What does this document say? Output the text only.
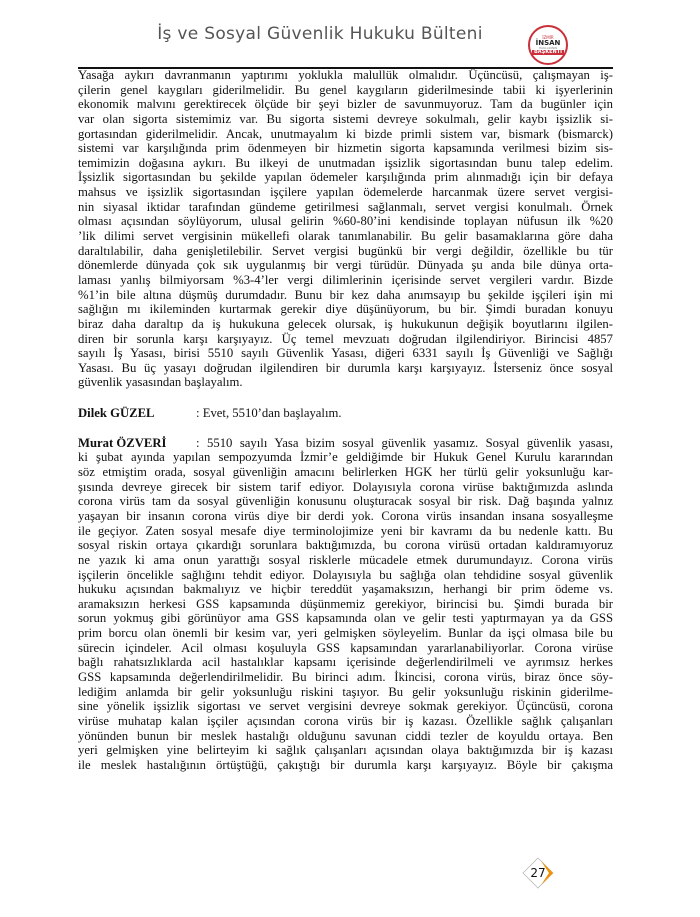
İş ve Sosyal Güvenlik Hukuku Bülteni	İZMİR
İNSAN
HAKLARININ
BAŞKENTİ
Yasağa aykırı davranmanın yaptırımı yoklukla malullük olmalıdır. Üçüncüsü, çalışmayan iş-
çilerin genel kaygıları giderilmelidir. Bu genel kaygıların giderilmesinde tabii ki işyerlerinin
ekonomik malvını gerektirecek ölçüde bir şeyi bizler de savunmuyoruz. Tam da bugünler için
var olan sigorta sistemimiz var. Bu sigorta sistemi devreye sokulmalı, gelir kaybı işsizlik si-
gortasından giderilmelidir. Ancak, unutmayalım ki bizde primli sistem var, bismark (bismarck)
sistemi var karşılığında prim ödenmeyen bir hizmetin sigorta kapsamında verilmesi bizim sis-
temimizin doğasına aykırı. Bu ilkeyi de unutmadan işsizlik sigortasından bunu talep edelim.
İşsizlik sigortasından bu şekilde yapılan ödemeler karşılığında prim alınmadığı için bir defaya
mahsus ve işsizlik sigortasından işçilere yapılan ödemelerde harcanmak üzere servet vergisi-
nin siyasal iktidar tarafından gündeme getirilmesi sağlanmalı, servet vergisi konulmalı. Örnek
olması açısından söylüyorum, ulusal gelirin %60-80’ini kendisinde toplayan nüfusun ilk %20
’lik dilimi servet vergisinin mükellefi olarak tanımlanabilir. Bu gelir basamaklarına göre daha
daraltılabilir, daha genişletilebilir. Servet vergisi bugünkü bir vergi değildir, özellikle bu tür
dönemlerde dünyada çok sık uygulanmış bir vergi türüdür. Dünyada şu anda bile dünya orta-
laması yanlış bilmiyorsam %3-4’ler vergi dilimlerinin içerisinde servet vergileri vardır. Bizde
%1’in bile altına düşmüş durumdadır. Bunu bir kez daha anımsayıp bu şekilde işçileri işin mi
sağlığın mı ikileminden kurtarmak gerekir diye düşünüyorum, bu bir. Şimdi buradan konuyu
biraz daha daraltıp da iş hukukuna gelecek olursak, iş hukukunun değişik boyutlarını ilgilen-
diren bir sorunla karşı karşıyayız. Üç temel mevzuatı doğrudan ilgilendiriyor. Birincisi 4857
sayılı İş Yasası, birisi 5510 sayılı Güvenlik Yasası, diğeri 6331 sayılı İş Güvenliği ve Sağlığı
Yasası. Bu üç yasayı doğrudan ilgilendiren bir durumla karşı karşıyayız. İsterseniz önce sosyal
güvenlik yasasından başlayalım.
Dilek GÜZEL	: Evet, 5510’dan başlayalım.
Murat ÖZVERİ : 5510 sayılı Yasa bizim sosyal güvenlik yasamız. Sosyal güvenlik yasası,
ki şubat ayında yapılan sempozyumda İzmir’e geldiğimde bir Hukuk Genel Kurulu kararından
söz etmiştim orada, sosyal güvenliğin amacını belirlerken HGK her türlü gelir yoksunluğu kar-
şısında devreye girecek bir sistem tarif ediyor. Dolayısıyla corona virüse baktığımızda aslında
corona virüs tam da sosyal güvenliğin konusunu oluşturacak sosyal bir risk. Dağ başında yalnız
yaşayan bir insanın corona virüs diye bir derdi yok. Corona virüs insandan insana sosyalleşme
ile geçiyor. Zaten sosyal mesafe diye terminolojimize yeni bir kavramı da bu nedenle kattı. Bu
sosyal riskin ortaya çıkardığı sorunlara baktığımızda, bu corona virüsü ortadan kaldıramıyoruz
ne yazık ki ama onun yarattığı sosyal risklerle mücadele etmek durumundayız. Corona virüs
işçilerin öncelikle sağlığını tehdit ediyor. Dolayısıyla bu sağlığa olan tehdidine sosyal güvenlik
hukuku açısından bakmalıyız ve hiçbir tereddüt yaşamaksızın, herhangi bir prim ödeme vs.
aramaksızın herkesi GSS kapsamında düşünmemiz gerekiyor, birincisi bu. Şimdi burada bir
sorun yokmuş gibi görünüyor ama GSS kapsamında olan ve gelir testi yaptırmayan ya da GSS
prim borcu olan önemli bir kesim var, yeri gelmişken söyleyelim. Bunlar da işçi olmasa bile bu
sürecin içindeler. Acil olması koşuluyla GSS kapsamından yararlanabiliyorlar. Corona virüse
bağlı rahatsızlıklarda acil hastalıklar kapsamı içerisinde değerlendirilmeli ve ayrımsız herkes
GSS kapsamında değerlendirilmelidir. Bu birinci adım. İkincisi, corona virüs, biraz önce söy-
lediğim anlamda bir gelir yoksunluğu riskini taşıyor. Bu gelir yoksunluğu riskinin giderilme-
sine yönelik işsizlik sigortası ve servet vergisini devreye sokmak gerekiyor. Üçüncüsü, corona
virüse muhatap kalan işçiler açısından corona virüs bir iş kazası. Özellikle sağlık çalışanları
yönünden bunun bir meslek hastalığı olduğunu savunan ciddi tezler de koyuldu ortaya. Ben
yeri gelmişken yine belirteyim ki sağlık çalışanları açısından olaya baktığımızda bir iş kazası
ile meslek hastalığının örtüştüğü, çakıştığı bir durumla karşı karşıyayız. Böyle bir çakışma
27
